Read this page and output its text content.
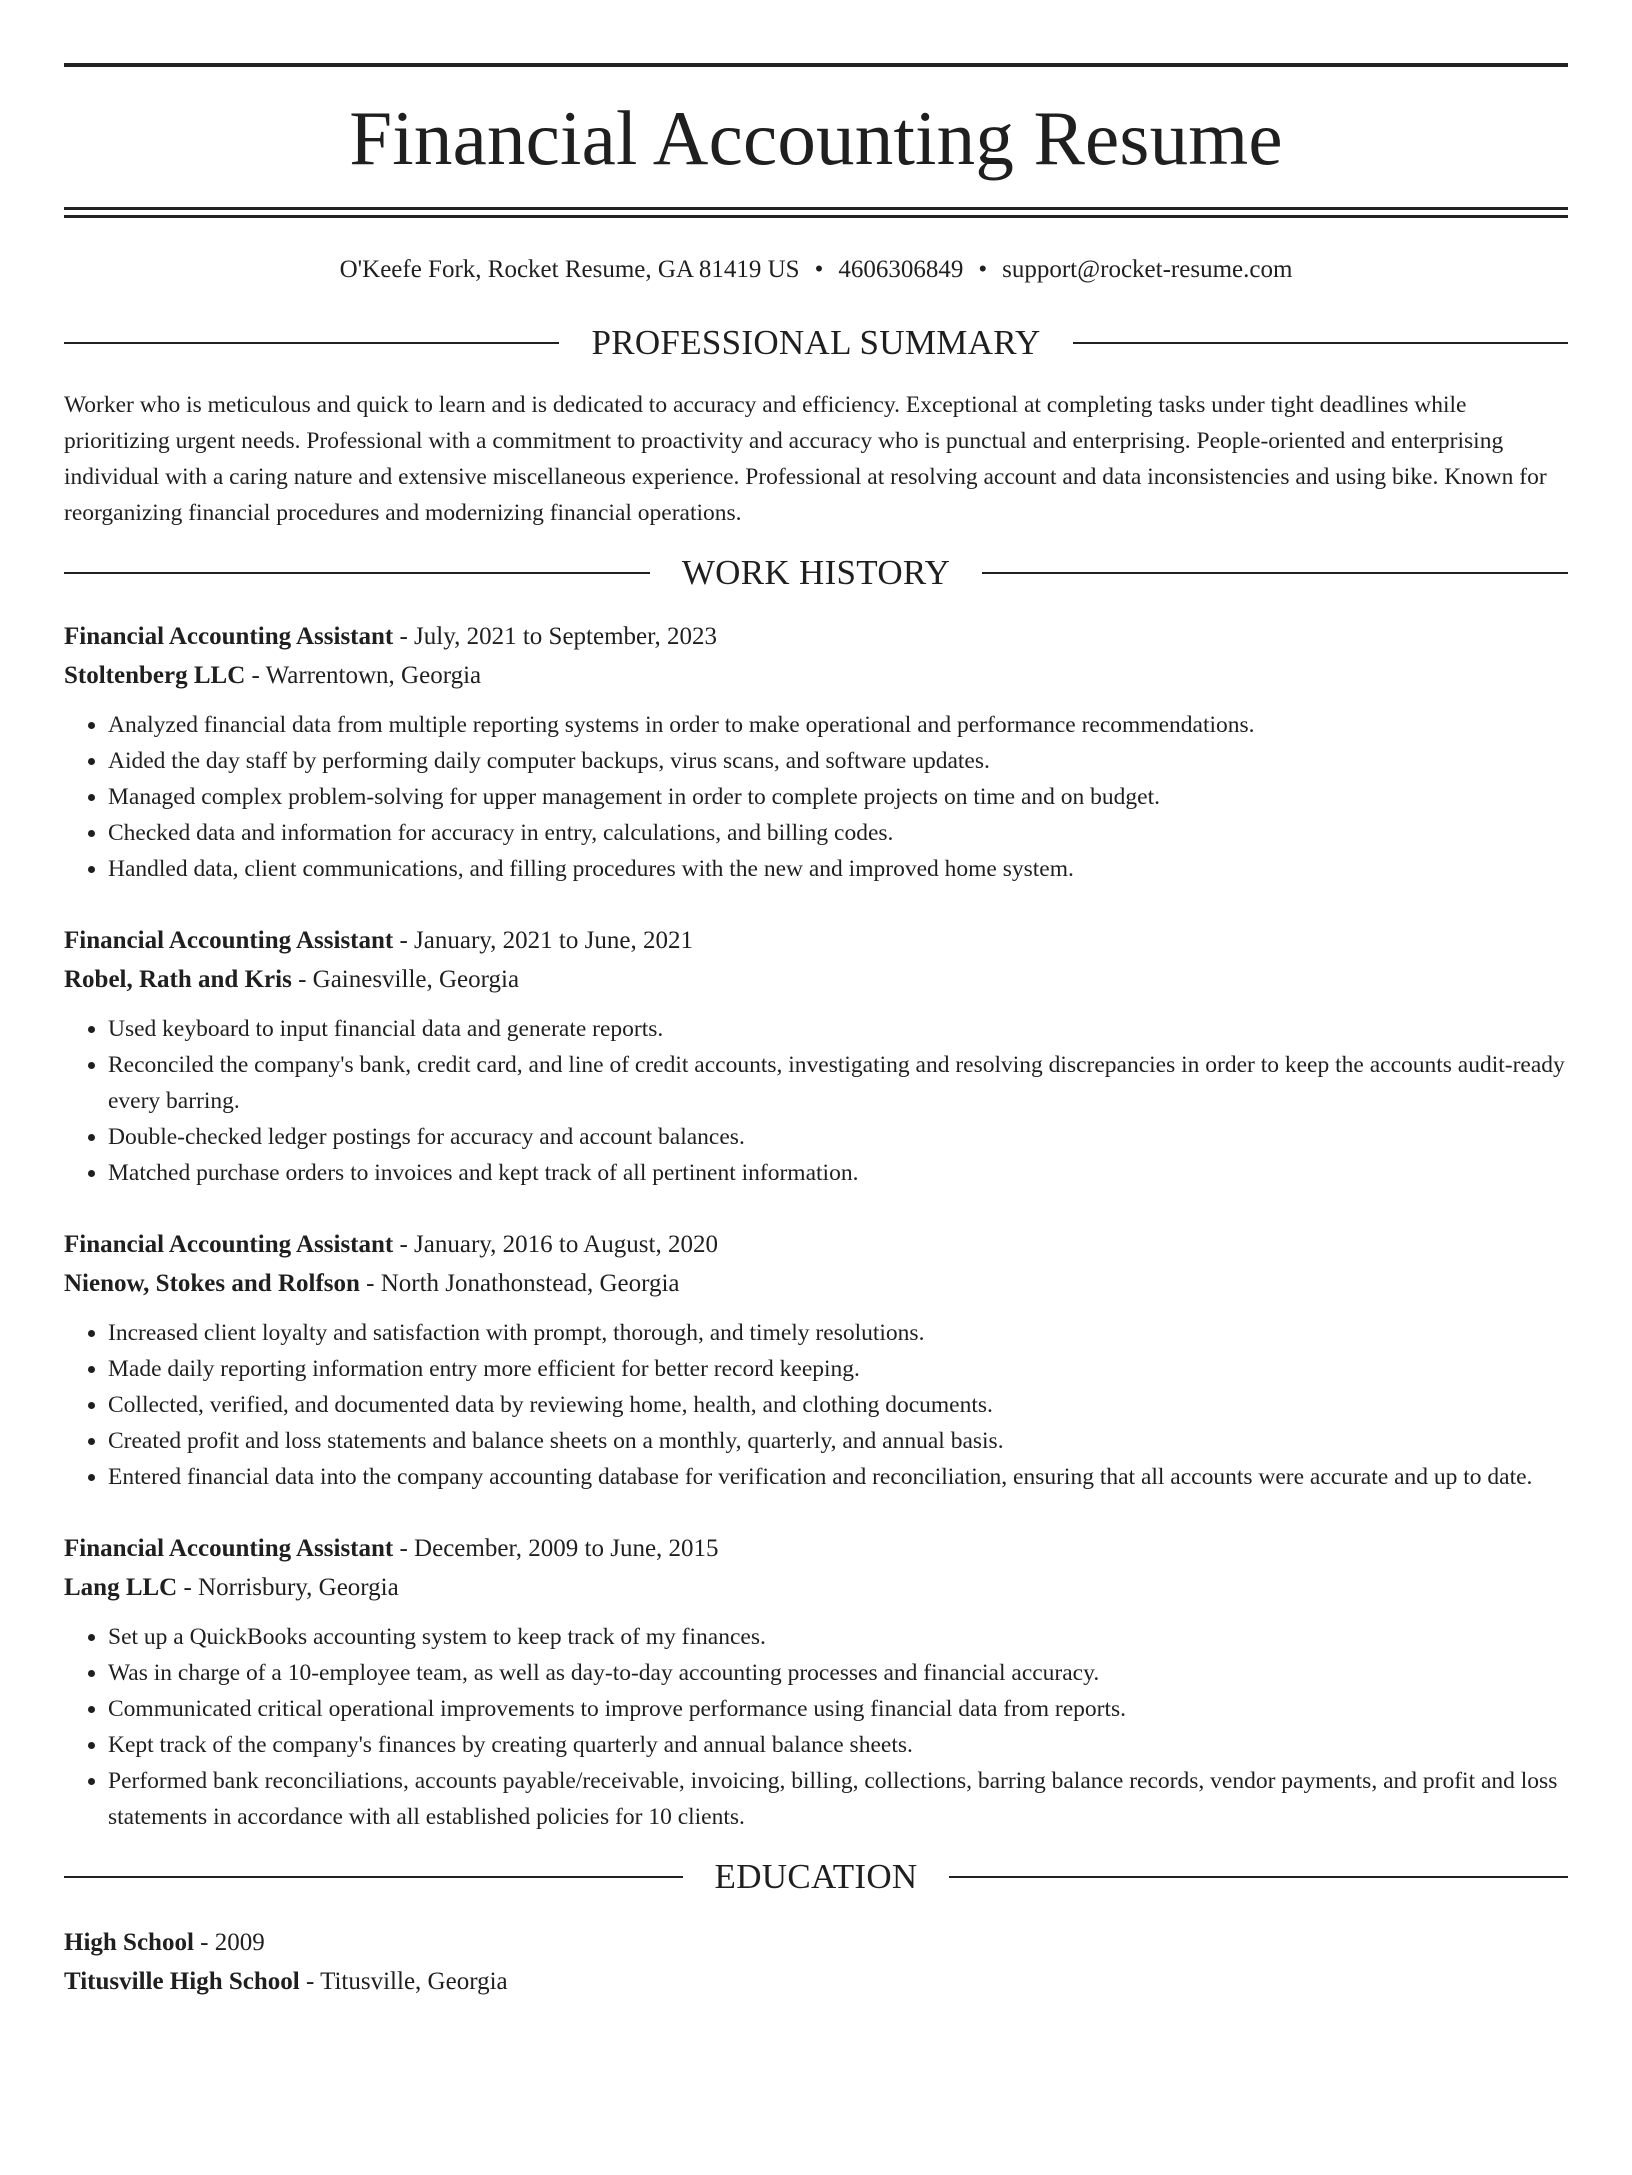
Financial Accounting Resume
O'Keefe Fork, Rocket Resume, GA 81419 US • 4606306849 • support@rocket-resume.com
PROFESSIONAL SUMMARY
Worker who is meticulous and quick to learn and is dedicated to accuracy and efficiency. Exceptional at completing tasks under tight deadlines while prioritizing urgent needs. Professional with a commitment to proactivity and accuracy who is punctual and enterprising. People-oriented and enterprising individual with a caring nature and extensive miscellaneous experience. Professional at resolving account and data inconsistencies and using bike. Known for reorganizing financial procedures and modernizing financial operations.
WORK HISTORY
Financial Accounting Assistant - July, 2021 to September, 2023
Stoltenberg LLC - Warrentown, Georgia
• Analyzed financial data from multiple reporting systems in order to make operational and performance recommendations.
• Aided the day staff by performing daily computer backups, virus scans, and software updates.
• Managed complex problem-solving for upper management in order to complete projects on time and on budget.
• Checked data and information for accuracy in entry, calculations, and billing codes.
• Handled data, client communications, and filling procedures with the new and improved home system.
Financial Accounting Assistant - January, 2021 to June, 2021
Robel, Rath and Kris - Gainesville, Georgia
• Used keyboard to input financial data and generate reports.
• Reconciled the company's bank, credit card, and line of credit accounts, investigating and resolving discrepancies in order to keep the accounts audit-ready every barring.
• Double-checked ledger postings for accuracy and account balances.
• Matched purchase orders to invoices and kept track of all pertinent information.
Financial Accounting Assistant - January, 2016 to August, 2020
Nienow, Stokes and Rolfson - North Jonathonstead, Georgia
• Increased client loyalty and satisfaction with prompt, thorough, and timely resolutions.
• Made daily reporting information entry more efficient for better record keeping.
• Collected, verified, and documented data by reviewing home, health, and clothing documents.
• Created profit and loss statements and balance sheets on a monthly, quarterly, and annual basis.
• Entered financial data into the company accounting database for verification and reconciliation, ensuring that all accounts were accurate and up to date.
Financial Accounting Assistant - December, 2009 to June, 2015
Lang LLC - Norrisbury, Georgia
• Set up a QuickBooks accounting system to keep track of my finances.
• Was in charge of a 10-employee team, as well as day-to-day accounting processes and financial accuracy.
• Communicated critical operational improvements to improve performance using financial data from reports.
• Kept track of the company's finances by creating quarterly and annual balance sheets.
• Performed bank reconciliations, accounts payable/receivable, invoicing, billing, collections, barring balance records, vendor payments, and profit and loss statements in accordance with all established policies for 10 clients.
EDUCATION
High School - 2009
Titusville High School - Titusville, Georgia
